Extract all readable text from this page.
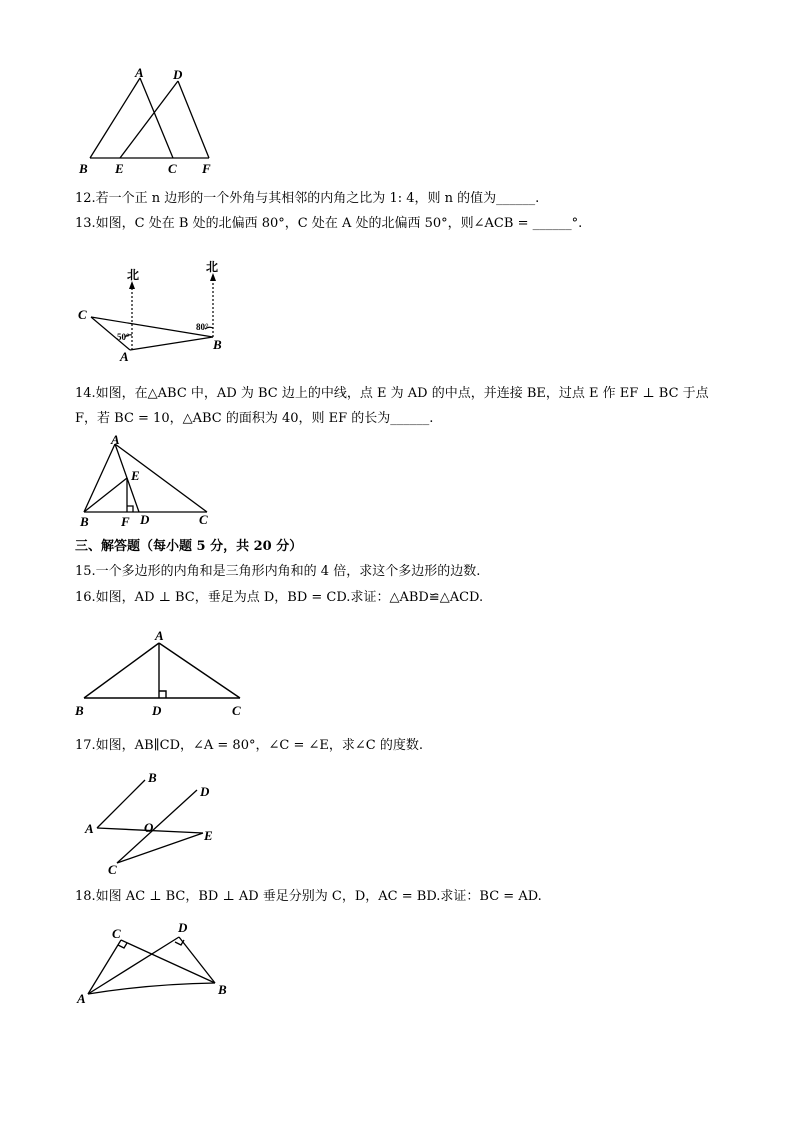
A D
B E	C F
12.若一个正 n 边形的一个外角与其相邻的内角之比为 1: 4，则 n 的值为______.
13.如图，C 处在 B 处的北偏西 80°，C 处在 A 处的北偏西 50°，则∠ACB = ______°.
北
北
C
A
B
50°
80°
14.如图，在△ABC 中，AD 为 BC 边上的中线，点 E 为 AD 的中点，并连接 BE，过点 E 作 EF ⊥ BC 于点
F，若 BC = 10，△ABC 的面积为 40，则 EF 的长为______.
A
E
B F D	C
三、解答题（每小题 5 分，共 20 分）
15.一个多边形的内角和是三角形内角和的 4 倍，求这个多边形的边数.
16.如图，AD ⊥ BC，垂足为点 D，BD = CD.求证：△ABD≌△ACD.
A
B	D	C
17.如图，AB∥CD，∠A = 80°，∠C = ∠E，求∠C 的度数.
B
D
A	O
E
C
18.如图 AC ⊥ BC，BD ⊥ AD 垂足分别为 C，D，AC = BD.求证：BC = AD.
C	D
A
B
